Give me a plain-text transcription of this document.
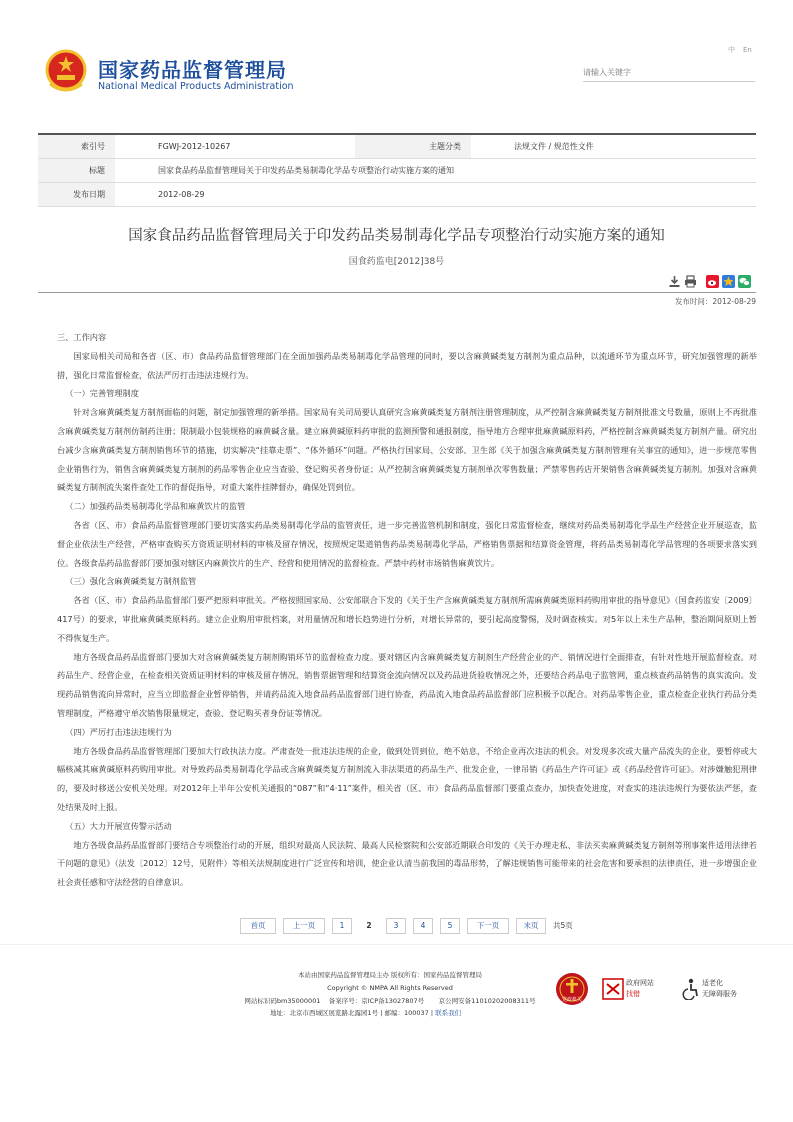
国家药品监督管理局
National Medical Products Administration
中 En
请输入关键字
索引号	FGWJ-2012-10267	主题分类	法规文件 / 规范性文件
标题	国家食品药品监督管理局关于印发药品类易制毒化学品专项整治行动实施方案的通知		
发布日期	2012-08-29		
国家食品药品监督管理局关于印发药品类易制毒化学品专项整治行动实施方案的通知
国食药监电[2012]38号
发布时间：2012-08-29

三、工作内容

国家局相关司局和各省（区、市）食品药品监督管理部门在全面加强药品类易制毒化学品管理的同时，要以含麻黄碱类复方制剂为重点品种，以流通环节为重点环节，研究加强管理的新举措，强化日常监督检查，依法严厉打击违法违规行为。

（一）完善管理制度

针对含麻黄碱类复方制剂面临的问题，制定加强管理的新举措。国家局有关司局要认真研究含麻黄碱类复方制剂注册管理制度，从严控制含麻黄碱类复方制剂批准文号数量，原则上不再批准含麻黄碱类复方制剂仿制药注册；限制最小包装规格的麻黄碱含量。建立麻黄碱原料药审批的监测预警和通报制度，指导地方合理审批麻黄碱原料药，严格控制含麻黄碱类复方制剂产量。研究出台减少含麻黄碱类复方制剂销售环节的措施，切实解决“挂靠走票”、“体外循环”问题。严格执行国家局、公安部、卫生部《关于加强含麻黄碱类复方制剂管理有关事宜的通知》，进一步规范零售企业销售行为，销售含麻黄碱类复方制剂的药品零售企业应当查验、登记购买者身份证；从严控制含麻黄碱类复方制剂单次零售数量；严禁零售药店开架销售含麻黄碱类复方制剂。加强对含麻黄碱类复方制剂流失案件查处工作的督促指导，对重大案件挂牌督办，确保处罚到位。

（二）加强药品类易制毒化学品和麻黄饮片的监管

各省（区、市）食品药品监督管理部门要切实落实药品类易制毒化学品的监管责任，进一步完善监管机制和制度，强化日常监督检查，继续对药品类易制毒化学品生产经营企业开展巡查，监督企业依法生产经营，严格审查购买方资质证明材料的审核及留存情况，按照规定渠道销售药品类易制毒化学品，严格销售票据和结算资金管理，将药品类易制毒化学品管理的各项要求落实到位。各级食品药品监督部门要加强对辖区内麻黄饮片的生产、经营和使用情况的监督检查。严禁中药材市场销售麻黄饮片。

（三）强化含麻黄碱类复方制剂监管

各省（区、市）食品药品监督部门要严把原料审批关。严格按照国家局、公安部联合下发的《关于生产含麻黄碱类复方制剂所需麻黄碱类原料药购用审批的指导意见》（国食药监安〔2009〕417号）的要求，审批麻黄碱类原料药。建立企业购用审批档案，对用量情况和增长趋势进行分析，对增长异常的，要引起高度警惕，及时调查核实。对5年以上未生产品种，整治期间原则上暂不得恢复生产。

地方各级食品药品监督部门要加大对含麻黄碱类复方制剂购销环节的监督检查力度。要对辖区内含麻黄碱类复方制剂生产经营企业的产、销情况进行全面排查，有针对性地开展监督检查。对药品生产、经营企业，在检查相关资质证明材料的审核及留存情况、销售票据管理和结算资金流向情况以及药品进货验收情况之外，还要结合药品电子监管网，重点核查药品销售的真实流向。发现药品销售流向异常时，应当立即监督企业暂停销售，并请药品流入地食品药品监督部门进行协查，药品流入地食品药品监督部门应积极予以配合。对药品零售企业，重点检查企业执行药品分类管理制度，严格遵守单次销售限量规定，查验、登记购买者身份证等情况。

（四）严厉打击违法违规行为

地方各级食品药品监督管理部门要加大行政执法力度。严肃查处一批违法违规的企业，做到处罚到位，绝不姑息，不给企业再次违法的机会。对发现多次或大量产品流失的企业，要暂停或大幅核减其麻黄碱原料药购用审批。对导致药品类易制毒化学品或含麻黄碱类复方制剂流入非法渠道的药品生产、批发企业，一律吊销《药品生产许可证》或《药品经营许可证》。对涉嫌触犯刑律的，要及时移送公安机关处理。对2012年上半年公安机关通报的“087”和“4·11”案件，相关省（区、市）食品药品监督部门要重点查办，加快查处进度，对查实的违法违规行为要依法严惩，查处结果及时上报。

（五）大力开展宣传警示活动

地方各级食品药品监督部门要结合专项整治行动的开展，组织对最高人民法院、最高人民检察院和公安部近期联合印发的《关于办理走私、非法买卖麻黄碱类复方制剂等刑事案件适用法律若干问题的意见》（法发〔2012〕12号，见附件）等相关法规制度进行广泛宣传和培训，使企业认清当前我国的毒品形势，了解违规销售可能带来的社会危害和要承担的法律责任，进一步增强企业社会责任感和守法经营的自律意识。

首页	上一页	1	2	3	4	5	下一页	末页 共5页
本站由国家药品监督管理局主办 版权所有：国家药品监督管理局
Copyright © NMPA All Rights Reserved
网站标识码bm35000001 备案序号：京ICP备13027807号 京公网安备11010202008311号
地址：北京市西城区展览路北露园1号 | 邮编：100037 | 联系我们
党政机关
政府网站
找错
适老化
无障碍服务
